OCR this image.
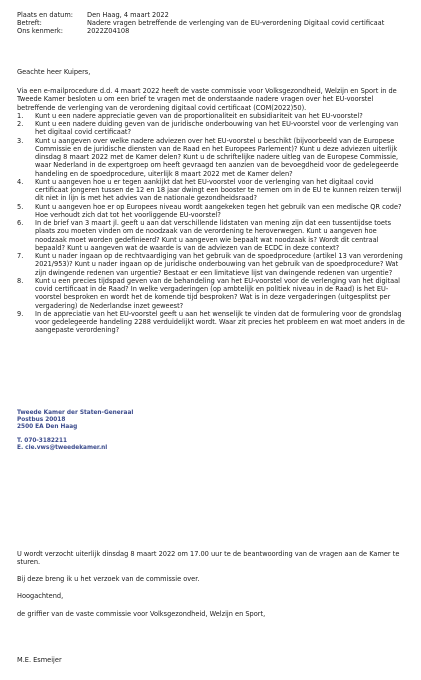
Plaats en datum:	Den Haag, 4 maart 2022
Betreft:	Nadere vragen betreffende de verlenging van de EU-verordening Digitaal covid certificaat
Ons kenmerk:	2022Z04108
Geachte heer Kuipers,

Via een e-mailprocedure d.d. 4 maart 2022 heeft de vaste commissie voor Volksgezondheid, Welzijn en Sport in de Tweede Kamer besloten u om een brief te vragen met de onderstaande nadere vragen over het EU-voorstel betreffende de verlenging van de verordening digitaal covid certificaat (COM(2022)50).

1.	Kunt u een nadere appreciatie geven van de proportionaliteit en subsidiariteit van het EU-voorstel?
2.	Kunt u een nadere duiding geven van de juridische onderbouwing van het EU-voorstel voor de verlenging van het digitaal covid certificaat?
3.	Kunt u aangeven over welke nadere adviezen over het EU-voorstel u beschikt (bijvoorbeeld van de Europese Commissie en de juridische diensten van de Raad en het Europees Parlement)? Kunt u deze adviezen uiterlijk dinsdag 8 maart 2022 met de Kamer delen? Kunt u de schriftelijke nadere uitleg van de Europese Commissie, waar Nederland in de expertgroep om heeft gevraagd ten aanzien van de bevoegdheid voor de gedelegeerde handeling en de spoedprocedure, uiterlijk 8 maart 2022 met de Kamer delen?
4.	Kunt u aangeven hoe u er tegen aankijkt dat het EU-voorstel voor de verlenging van het digitaal covid certificaat jongeren tussen de 12 en 18 jaar dwingt een booster te nemen om in de EU te kunnen reizen terwijl dit niet in lijn is met het advies van de nationale gezondheidsraad?
5.	Kunt u aangeven hoe er op Europees niveau wordt aangekeken tegen het gebruik van een medische QR code? Hoe verhoudt zich dat tot het voorliggende EU-voorstel?
6.	In de brief van 3 maart jl. geeft u aan dat verschillende lidstaten van mening zijn dat een tussentijdse toets plaats zou moeten vinden om de noodzaak van de verordening te heroverwegen. Kunt u aangeven hoe noodzaak moet worden gedefinieerd? Kunt u aangeven wie bepaalt wat noodzaak is? Wordt dit centraal bepaald? Kunt u aangeven wat de waarde is van de adviezen van de ECDC in deze context?
7.	Kunt u nader ingaan op de rechtvaardiging van het gebruik van de spoedprocedure (artikel 13 van verordening 2021/953)? Kunt u nader ingaan op de juridische onderbouwing van het gebruik van de spoedprocedure? Wat zijn dwingende redenen van urgentie? Bestaat er een limitatieve lijst van dwingende redenen van urgentie?
8.	Kunt u een precies tijdspad geven van de behandeling van het EU-voorstel voor de verlenging van het digitaal covid certificaat in de Raad? In welke vergaderingen (op ambtelijk en politiek niveau in de Raad) is het EU-voorstel besproken en wordt het de komende tijd besproken? Wat is in deze vergaderingen (uitgesplitst per vergadering) de Nederlandse inzet geweest?
9.	In de appreciatie van het EU-voorstel geeft u aan het wenselijk te vinden dat de formulering voor de grondslag voor gedelegeerde handeling 2288 verduidelijkt wordt. Waar zit precies het probleem en wat moet anders in de aangepaste verordening?
Tweede Kamer der Staten-Generaal
Postbus 20018
2500 EA Den Haag
T. 070-3182211
E. cie.vws@tweedekamer.nl
U wordt verzocht uiterlijk dinsdag 8 maart 2022 om 17.00 uur te de beantwoording van de vragen aan de Kamer te sturen.
Bij deze breng ik u het verzoek van de commissie over.
Hoogachtend,
de griffier van de vaste commissie voor Volksgezondheid, Welzijn en Sport,
M.E. Esmeijer
